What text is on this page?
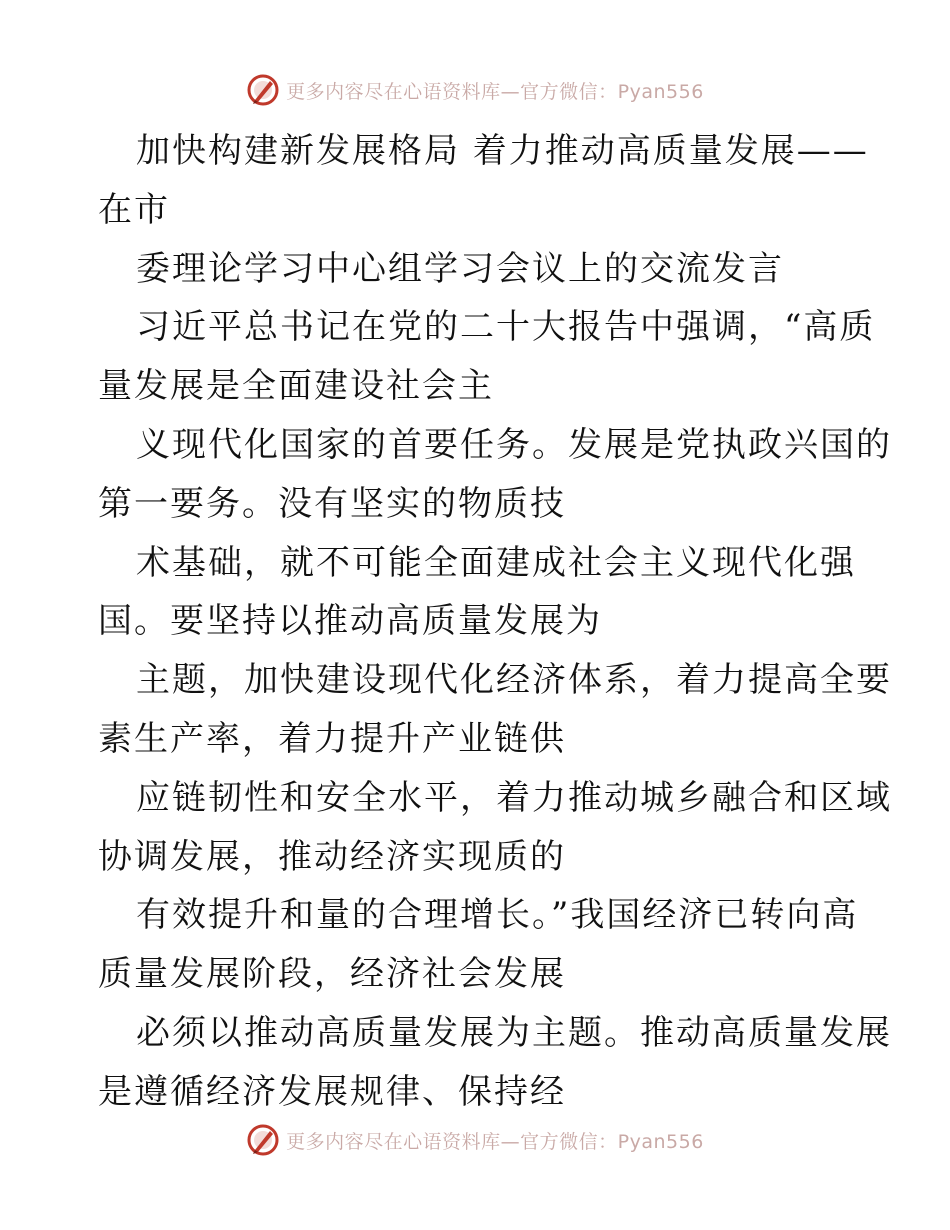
更多内容尽在心语资料库—官方微信：Pyan556
加快构建新发展格局 着力推动高质量发展——
在市
委理论学习中心组学习会议上的交流发言
习近平总书记在党的二十大报告中强调，“高质
量发展是全面建设社会主
义现代化国家的首要任务。发展是党执政兴国的
第一要务。没有坚实的物质技
术基础，就不可能全面建成社会主义现代化强
国。要坚持以推动高质量发展为
主题，加快建设现代化经济体系，着力提高全要
素生产率，着力提升产业链供
应链韧性和安全水平，着力推动城乡融合和区域
协调发展，推动经济实现质的
有效提升和量的合理增长。”我国经济已转向高
质量发展阶段，经济社会发展
必须以推动高质量发展为主题。推动高质量发展
是遵循经济发展规律、保持经
更多内容尽在心语资料库—官方微信：Pyan556
